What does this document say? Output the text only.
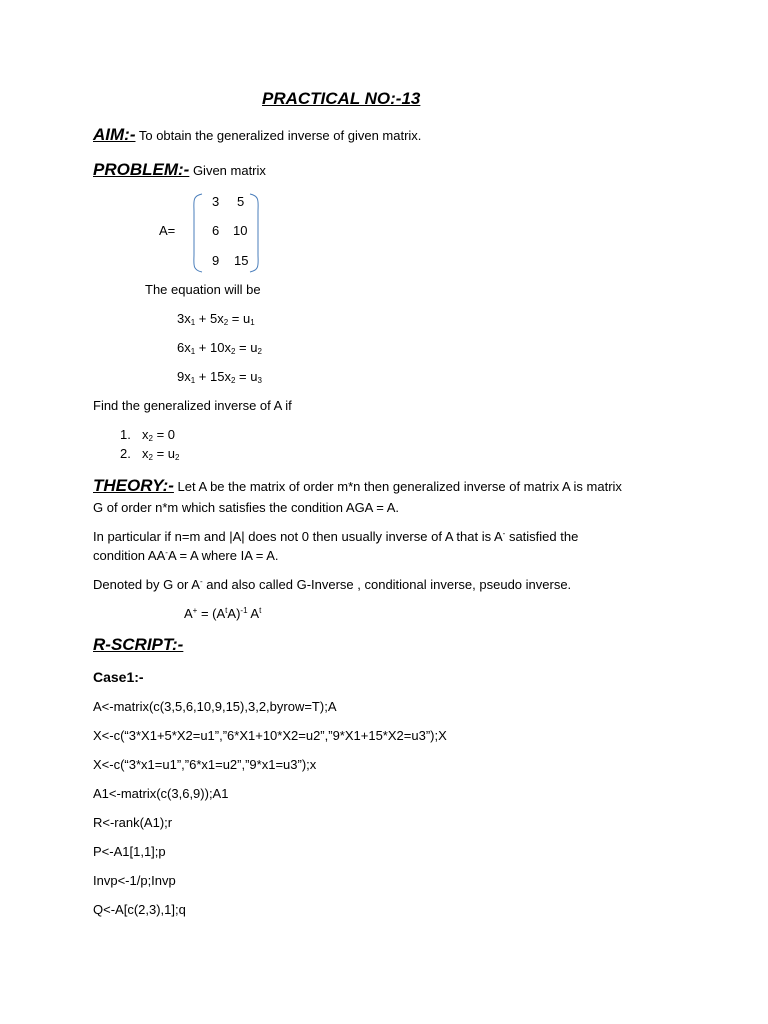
PRACTICAL NO:-13
AIM:- To obtain the generalized inverse of given matrix.
PROBLEM:- Given matrix
A=
3 5
6 10
9 15
The equation will be
$3x_1 + 5x_2 = u_1$
$6x_1 + 10x_2 = u_2$
$9x_1 + 15x_2 = u_3$
Find the generalized inverse of A if
1. $x_2 = 0$
2. $x_2 = u_2$
THEORY:- Let A be the matrix of order m*n then generalized inverse of matrix A is matrix
G of order n*m which satisfies the condition AGA = A.
In particular if n=m and |A| does not 0 then usually inverse of A that is A- satisfied the
condition AA-A = A where IA = A.
Denoted by G or A- and also called G-Inverse , conditional inverse, pseudo inverse.
$A^+ = (A^tA)^{-1}$ $A^t$
R-SCRIPT:-
Case1:-
A<-matrix(c(3,5,6,10,9,15),3,2,byrow=T);A
X<-c(“3*X1+5*X2=u1”,”6*X1+10*X2=u2”,”9*X1+15*X2=u3”);X
X<-c(“3*x1=u1”,”6*x1=u2”,”9*x1=u3”);x
A1<-matrix(c(3,6,9));A1
R<-rank(A1);r
P<-A1[1,1];p
Invp<-1/p;Invp
Q<-A[c(2,3),1];q
